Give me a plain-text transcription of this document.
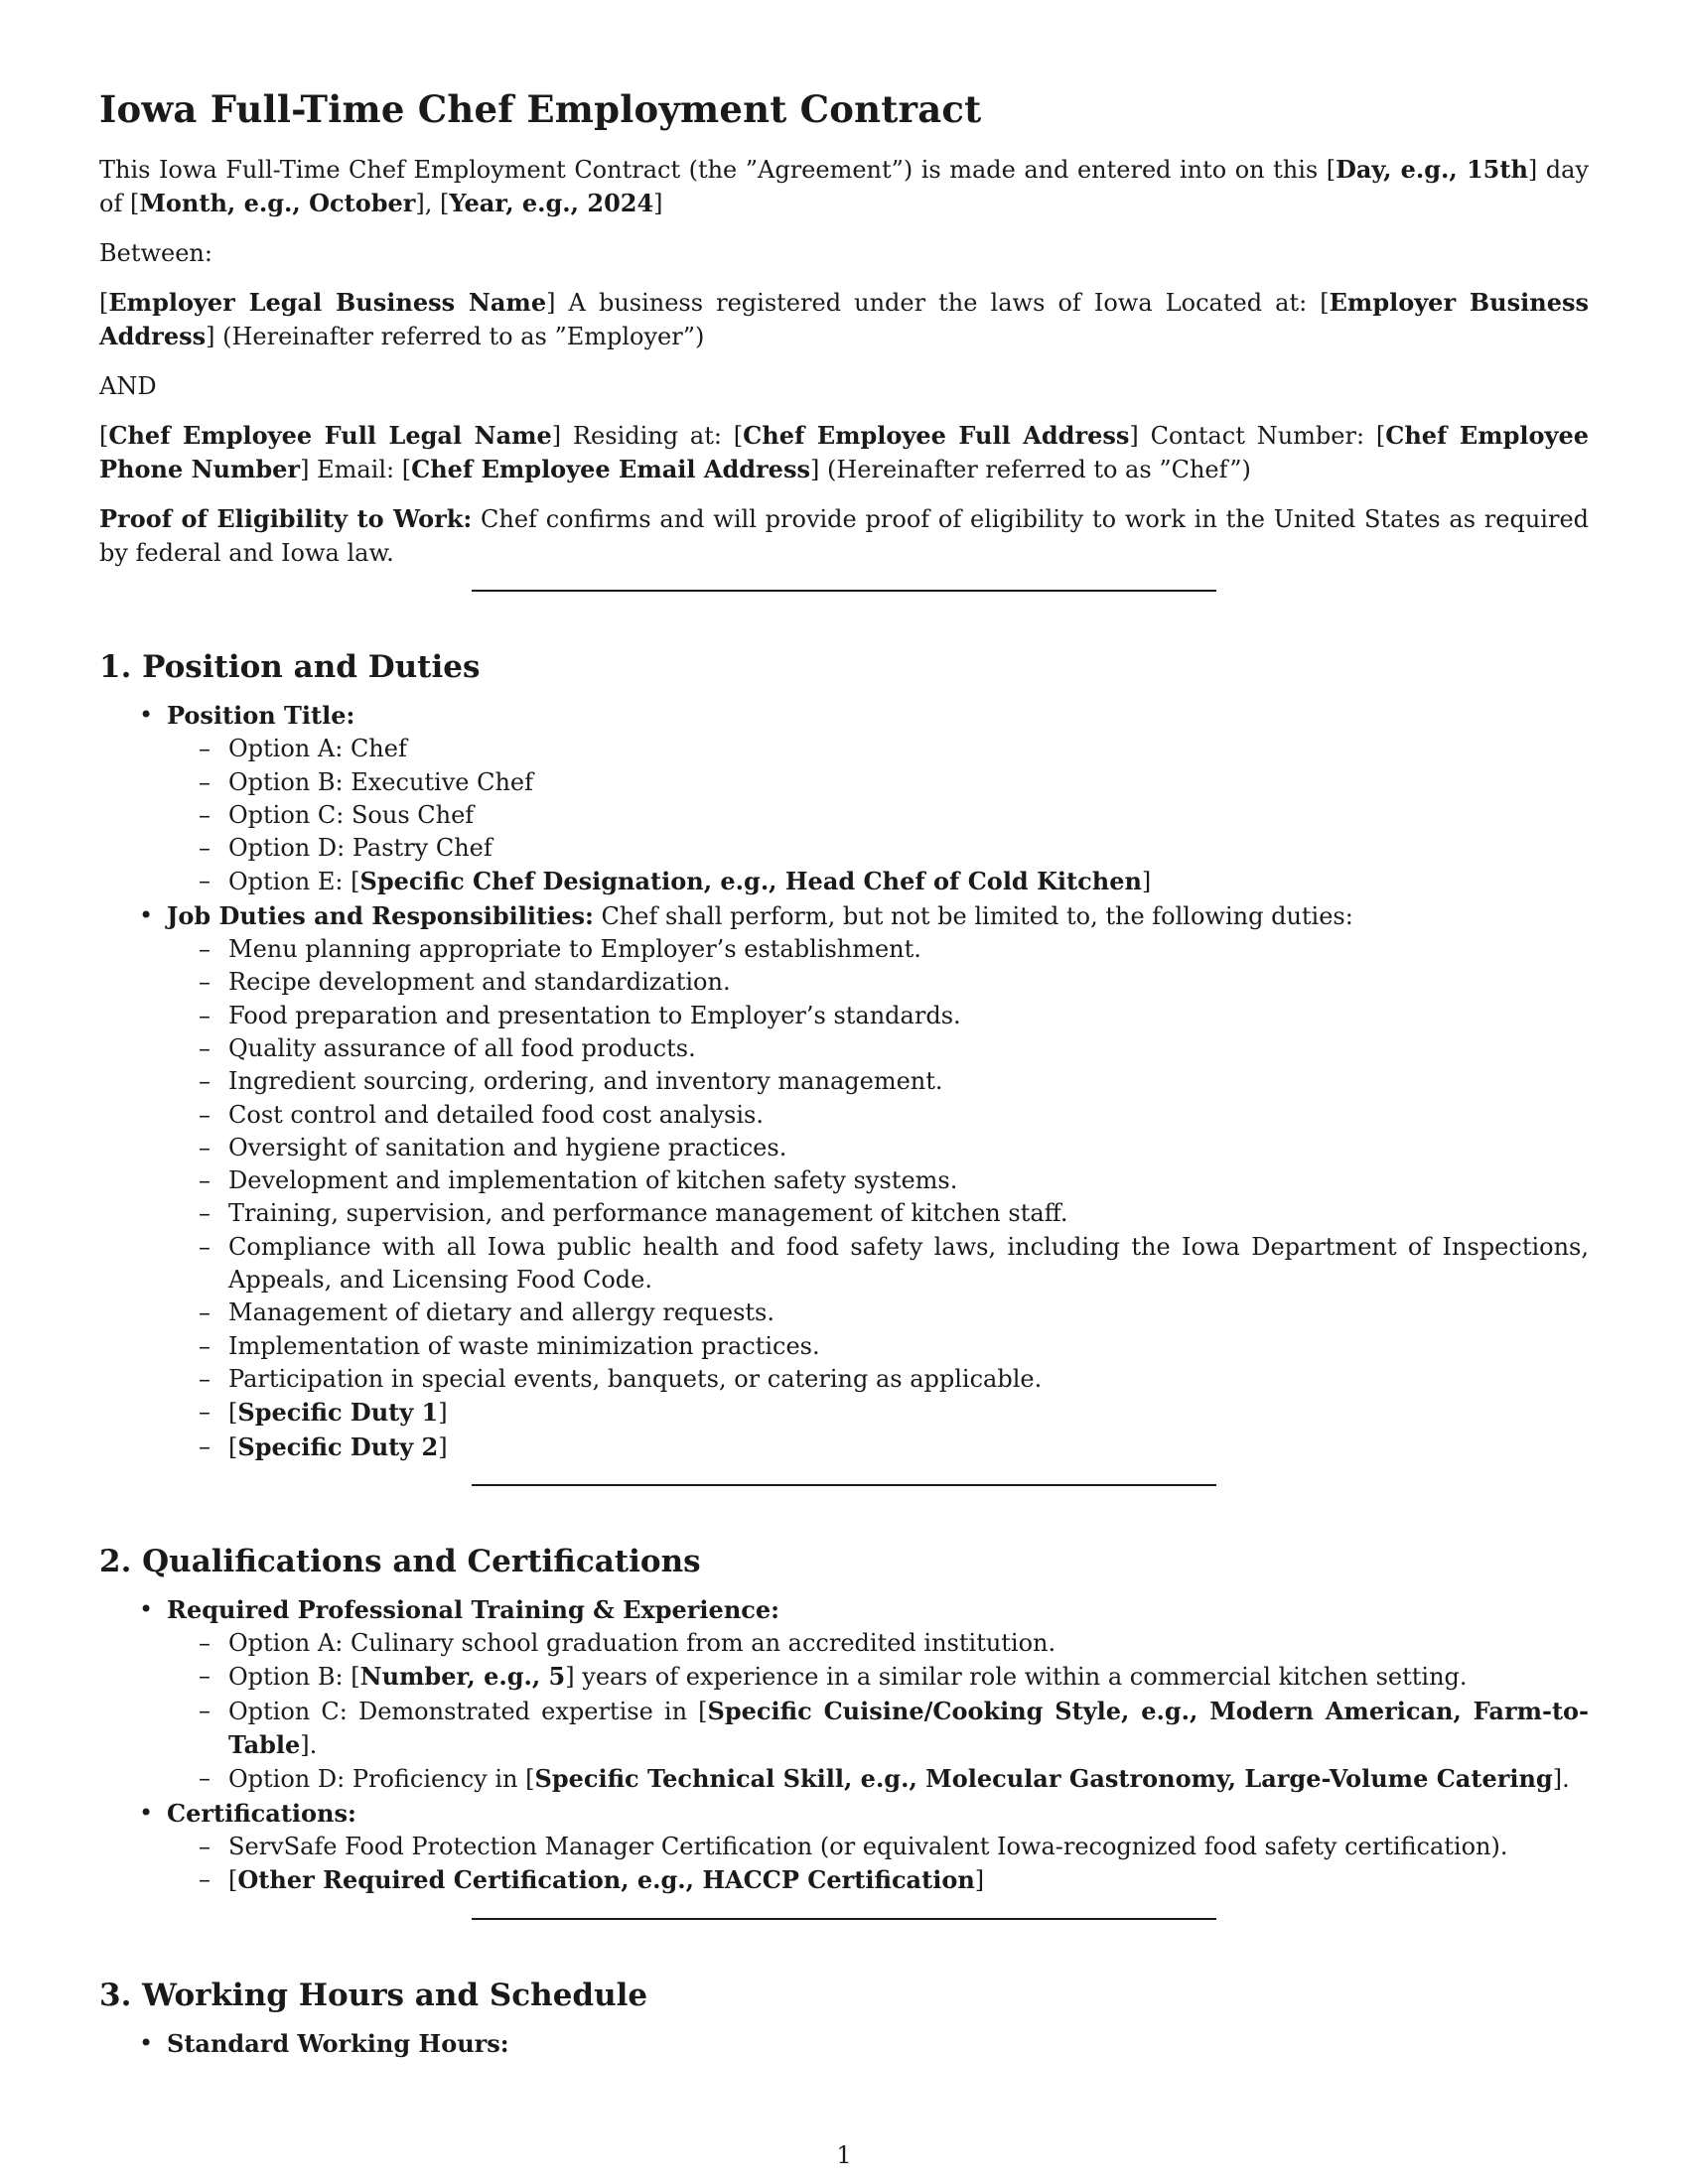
Iowa Full-Time Chef Employment Contract

This Iowa Full-Time Chef Employment Contract (the ”Agreement”) is made and entered into on this [Day, e.g., 15th] day of [Month, e.g., October], [Year, e.g., 2024]

Between:

[Employer Legal Business Name] A business registered under the laws of Iowa Located at: [Employer Business Address] (Hereinafter referred to as ”Employer”)

AND

[Chef Employee Full Legal Name] Residing at: [Chef Employee Full Address] Contact Number: [Chef Employee Phone Number] Email: [Chef Employee Email Address] (Hereinafter referred to as ”Chef”)

Proof of Eligibility to Work: Chef confirms and will provide proof of eligibility to work in the United States as required by federal and Iowa law.

1. Position and Duties
• Position Title:
– Option A: Chef
– Option B: Executive Chef
– Option C: Sous Chef
– Option D: Pastry Chef
– Option E: [Specific Chef Designation, e.g., Head Chef of Cold Kitchen]
• Job Duties and Responsibilities: Chef shall perform, but not be limited to, the following duties:
– Menu planning appropriate to Employer’s establishment.
– Recipe development and standardization.
– Food preparation and presentation to Employer’s standards.
– Quality assurance of all food products.
– Ingredient sourcing, ordering, and inventory management.
– Cost control and detailed food cost analysis.
– Oversight of sanitation and hygiene practices.
– Development and implementation of kitchen safety systems.
– Training, supervision, and performance management of kitchen staff.
– Compliance with all Iowa public health and food safety laws, including the Iowa Department of Inspections, Appeals, and Licensing Food Code.
– Management of dietary and allergy requests.
– Implementation of waste minimization practices.
– Participation in special events, banquets, or catering as applicable.
– [Specific Duty 1]
– [Specific Duty 2]
2. Qualifications and Certifications
• Required Professional Training & Experience:
– Option A: Culinary school graduation from an accredited institution.
– Option B: [Number, e.g., 5] years of experience in a similar role within a commercial kitchen setting.
– Option C: Demonstrated expertise in [Specific Cuisine/Cooking Style, e.g., Modern American, Farm-to-Table].
– Option D: Proficiency in [Specific Technical Skill, e.g., Molecular Gastronomy, Large-Volume Catering].
• Certifications:
– ServSafe Food Protection Manager Certification (or equivalent Iowa-recognized food safety certification).
– [Other Required Certification, e.g., HACCP Certification]
3. Working Hours and Schedule
• Standard Working Hours:
1
